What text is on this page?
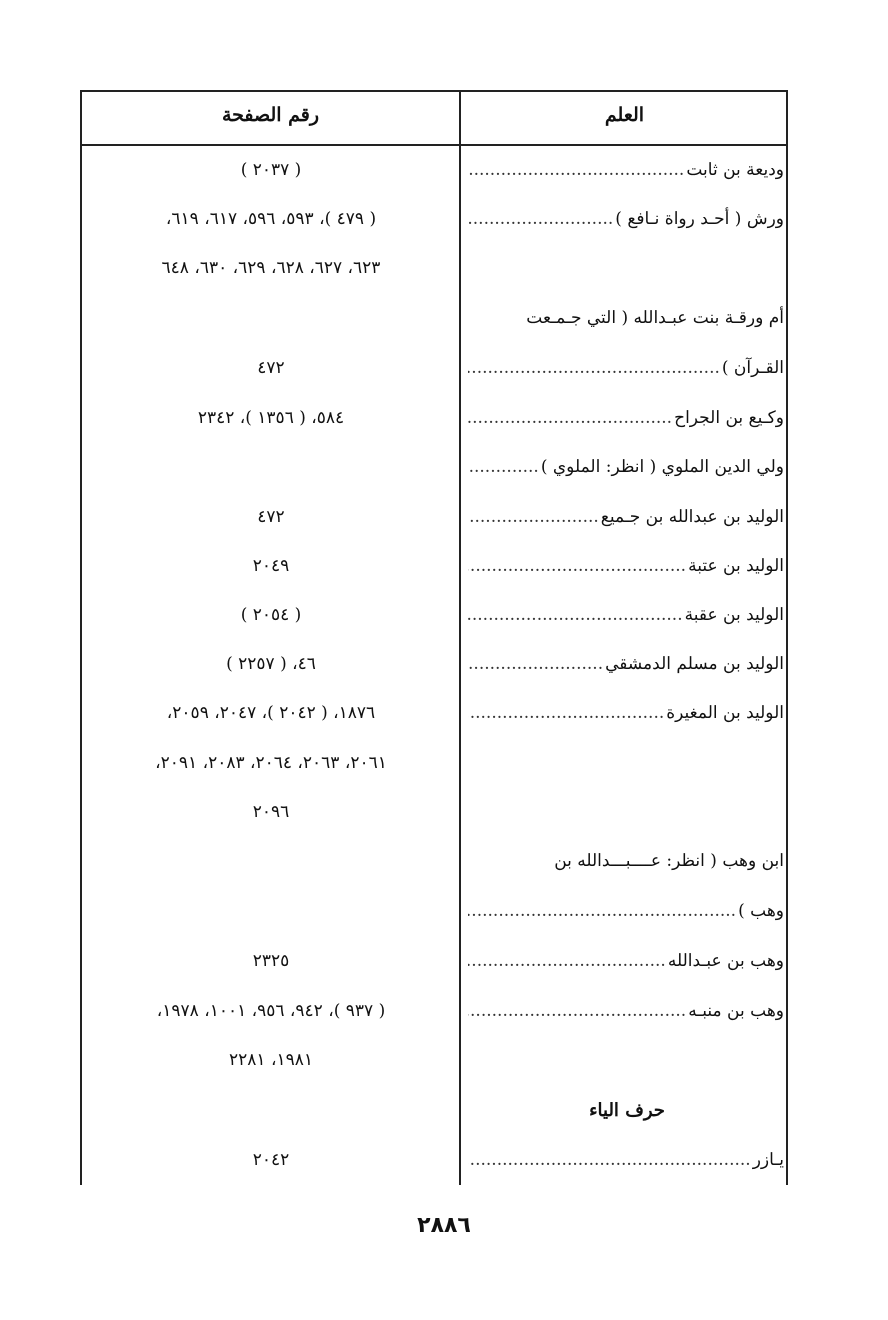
العلم
رقم الصفحة
وديعة بن ثابت .....
( ٢٠٣٧ )
ورش ( أحـد رواة نـافع ) .....
( ٤٧٩ )، ٥٩٣، ٥٩٦، ٦١٧، ٦١٩،
٦٢٣، ٦٢٧، ٦٢٨، ٦٢٩، ٦٣٠، ٦٤٨
أم ورقـة بنت عبـدالله ( التي جـمـعت
القـرآن ) .....
٤٧٢
وكـيع بن الجراح .....
٥٨٤، ( ١٣٥٦ )، ٢٣٤٢
ولي الدين الملوي ( انظر: الملوي ) .....
الوليد بن عبدالله بن جـميع .....
٤٧٢
الوليد بن عتبة .....
٢٠٤٩
الوليد بن عقبة .....
( ٢٠٥٤ )
الوليد بن مسلم الدمشقي .....
٤٦، ( ٢٢٥٧ )
الوليد بن المغيرة .....
١٨٧٦، ( ٢٠٤٢ )، ٢٠٤٧، ٢٠٥٩،
٢٠٦١، ٢٠٦٣، ٢٠٦٤، ٢٠٨٣، ٢٠٩١،
٢٠٩٦
ابن وهب ( انظر: عــــبـــدالله بن
وهب ) .....
وهب بن عبـدالله .....
٢٣٢٥
وهب بن منبـه .....
( ٩٣٧ )، ٩٤٢، ٩٥٦، ١٠٠١، ١٩٧٨،
١٩٨١، ٢٢٨١
حرف الياء
يـازر .....
٢٠٤٢
٢٨٨٦
